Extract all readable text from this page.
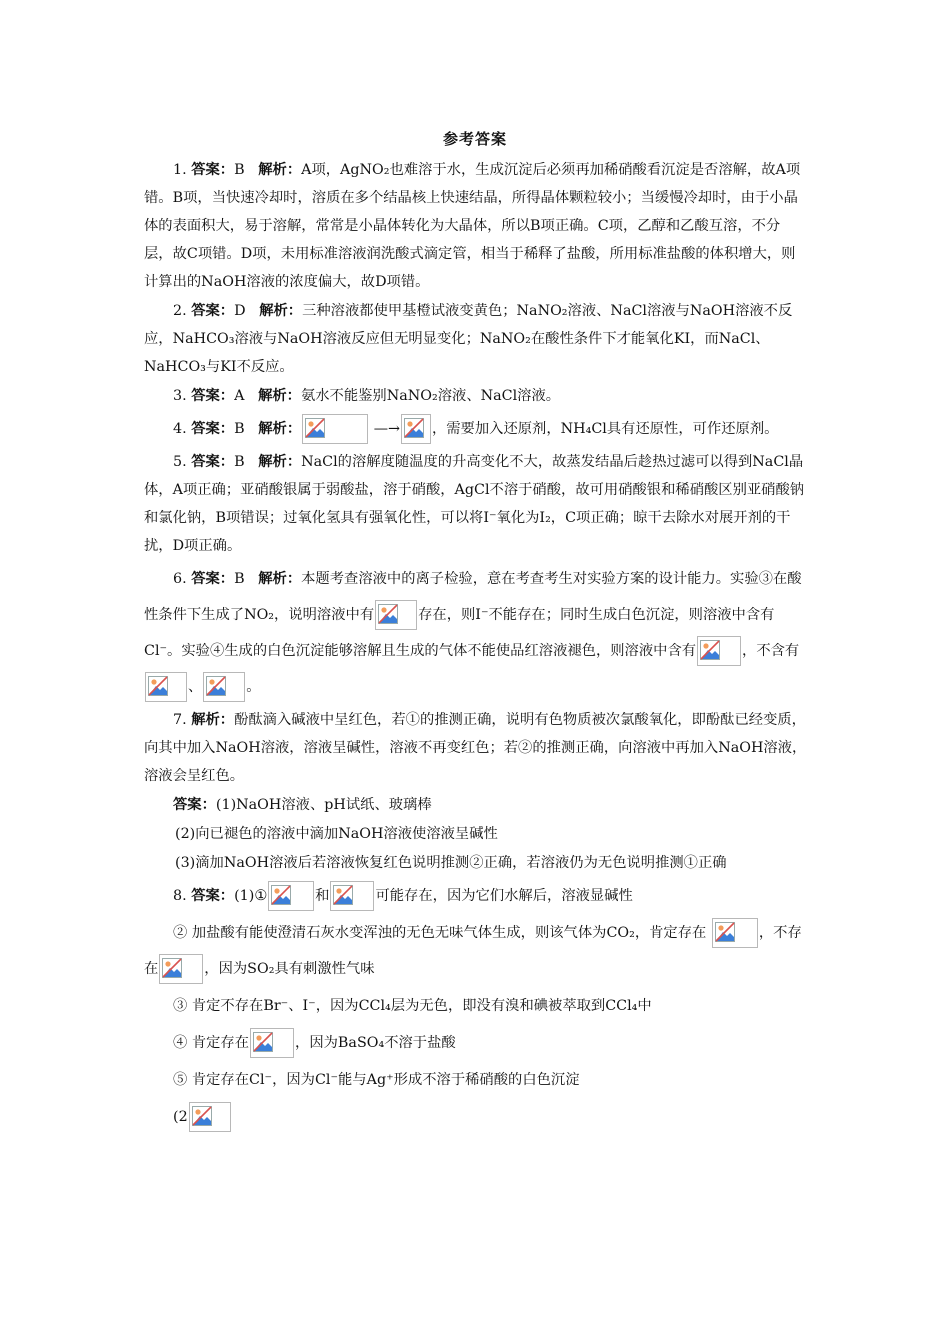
参考答案

1. 答案：B 解析：A项，AgNO₂也难溶于水，生成沉淀后必须再加稀硝酸看沉淀是否溶解，故A项错。B项，当快速冷却时，溶质在多个结晶核上快速结晶，所得晶体颗粒较小；当缓慢冷却时，由于小晶体的表面积大，易于溶解，常常是小晶体转化为大晶体，所以B项正确。C项，乙醇和乙酸互溶，不分层，故C项错。D项，未用标准溶液润洗酸式滴定管，相当于稀释了盐酸，所用标准盐酸的体积增大，则计算出的NaOH溶液的浓度偏大，故D项错。

2. 答案：D 解析：三种溶液都使甲基橙试液变黄色；NaNO₂溶液、NaCl溶液与NaOH溶液不反应，NaHCO₃溶液与NaOH溶液反应但无明显变化；NaNO₂在酸性条件下才能氧化KI，而NaCl、NaHCO₃与KI不反应。

3. 答案：A 解析：氨水不能鉴别NaNO₂溶液、NaCl溶液。

4. 答案：B 解析：	—→ ，需要加入还原剂，NH₄Cl具有还原性，可作还原剂。

5. 答案：B 解析：NaCl的溶解度随温度的升高变化不大，故蒸发结晶后趁热过滤可以得到NaCl晶体，A项正确；亚硝酸银属于弱酸盐，溶于硝酸，AgCl不溶于硝酸，故可用硝酸银和稀硝酸区别亚硝酸钠和氯化钠，B项错误；过氧化氢具有强氧化性，可以将I⁻氧化为I₂，C项正确；晾干去除水对展开剂的干扰，D项正确。

6. 答案：B 解析：本题考查溶液中的离子检验，意在考查考生对实验方案的设计能力。实验③在酸性条件下生成了NO₂，说明溶液中有	存在，则I⁻不能存在；同时生成白色沉淀，则溶液中含有Cl⁻。实验④生成的白色沉淀能够溶解且生成的气体不能使品红溶液褪色，则溶液中含有	，不含有
、	。

7. 解析：酚酞滴入碱液中呈红色，若①的推测正确，说明有色物质被次氯酸氧化，即酚酞已经变质，向其中加入NaOH溶液，溶液呈碱性，溶液不再变红色；若②的推测正确，向溶液中再加入NaOH溶液，溶液会呈红色。

答案：(1)NaOH溶液、pH试纸、玻璃棒

(2)向已褪色的溶液中滴加NaOH溶液使溶液呈碱性

(3)滴加NaOH溶液后若溶液恢复红色说明推测②正确，若溶液仍为无色说明推测①正确

8. 答案：(1)①	和	可能存在，因为它们水解后，溶液显碱性

② 加盐酸有能使澄清石灰水变浑浊的无色无味气体生成，则该气体为CO₂，肯定存在	，不存在	，因为SO₂具有刺激性气味

③ 肯定不存在Br⁻、I⁻，因为CCl₄层为无色，即没有溴和碘被萃取到CCl₄中

④ 肯定存在	，因为BaSO₄不溶于盐酸

⑤ 肯定存在Cl⁻，因为Cl⁻能与Ag⁺形成不溶于稀硝酸的白色沉淀

(2
